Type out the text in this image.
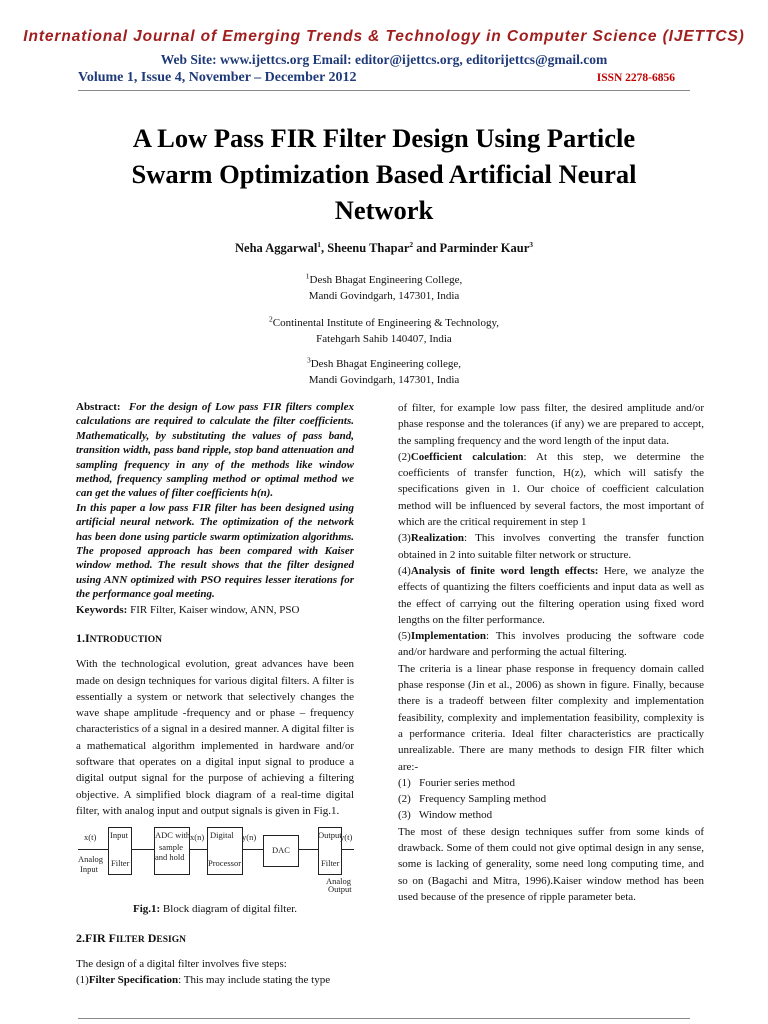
International Journal of Emerging Trends & Technology in Computer Science (IJETTCS)
Web Site: www.ijettcs.org Email: editor@ijettcs.org, editorijettcs@gmail.com
Volume 1, Issue 4, November – December 2012	ISSN 2278-6856
A Low Pass FIR Filter Design Using Particle Swarm Optimization Based Artificial Neural Network
Neha Aggarwal$^1$, Sheenu Thapar$^2$ and Parminder Kaur$^3$
$^1$Desh Bhagat Engineering College,
Mandi Govindgarh, 147301, India
$^2$Continental Institute of Engineering & Technology,
Fatehgarh Sahib 140407, India
$^3$Desh Bhagat Engineering college,
Mandi Govindgarh, 147301, India

Abstract: For the design of Low pass FIR filters complex calculations are required to calculate the filter coefficients. Mathematically, by substituting the values of pass band, transition width, pass band ripple, stop band attenuation and sampling frequency in any of the methods like window method, frequency sampling method or optimal method we can get the values of filter coefficients h(n).

In this paper a low pass FIR filter has been designed using artificial neural network. The optimization of the network has been done using particle swarm optimization algorithms. The proposed approach has been compared with Kaiser window method. The result shows that the filter designed using ANN optimized with PSO requires lesser iterations for the performance goal meeting.

Keywords: FIR Filter, Kaiser window, ANN, PSO

1.INTRODUCTION

With the technological evolution, great advances have been made on design techniques for various digital filters. A filter is essentially a system or network that selectively changes the wave shape amplitude -frequency and or phase – frequency characteristics of a signal in a desired manner. A digital filter is a mathematical algorithm implemented in hardware and/or software that operates on a digital input signal to produce a digital output signal for the purpose of achieving a filtering objective. A simplified block diagram of a real-time digital filter, with analog input and output signals is given in Fig.1.

x(t)
Analog
Input
Input
Filter
ADC with
sample
and hold
x(n) Digital
Processor
y(n)
DAC
Output
Filter
y(t)
Analog
Output

Fig.1: Block diagram of digital filter.

2.FIR FILTER DESIGN

The design of a digital filter involves five steps:

(1)Filter Specification: This may include stating the type

of filter, for example low pass filter, the desired amplitude and/or phase response and the tolerances (if any) we are prepared to accept, the sampling frequency and the word length of the input data.

(2)Coefficient calculation: At this step, we determine the coefficients of transfer function, H(z), which will satisfy the specifications given in 1. Our choice of coefficient calculation method will be influenced by several factors, the most important of which are the critical requirement in step 1

(3)Realization: This involves converting the transfer function obtained in 2 into suitable filter network or structure.

(4)Analysis of finite word length effects: Here, we analyze the effects of quantizing the filters coefficients and input data as well as the effect of carrying out the filtering operation using fixed word lengths on the filter performance.

(5)Implementation: This involves producing the software code and/or hardware and performing the actual filtering.

The criteria is a linear phase response in frequency domain called phase response (Jin et al., 2006) as shown in figure. Finally, because there is a tradeoff between filter complexity and implementation feasibility, complexity and implementation feasibility, complexity is a performance criteria. Ideal filter characteristics are practically unrealizable. There are many methods to design FIR filter which are:-

(1)   Fourier series method

(2)   Frequency Sampling method

(3)   Window method

The most of these design techniques suffer from some kinds of drawback. Some of them could not give optimal design in any sense, some is lacking of generality, some need long computing time, and so on (Bagachi and Mitra, 1996).Kaiser window method has been used because of the presence of ripple parameter beta.
